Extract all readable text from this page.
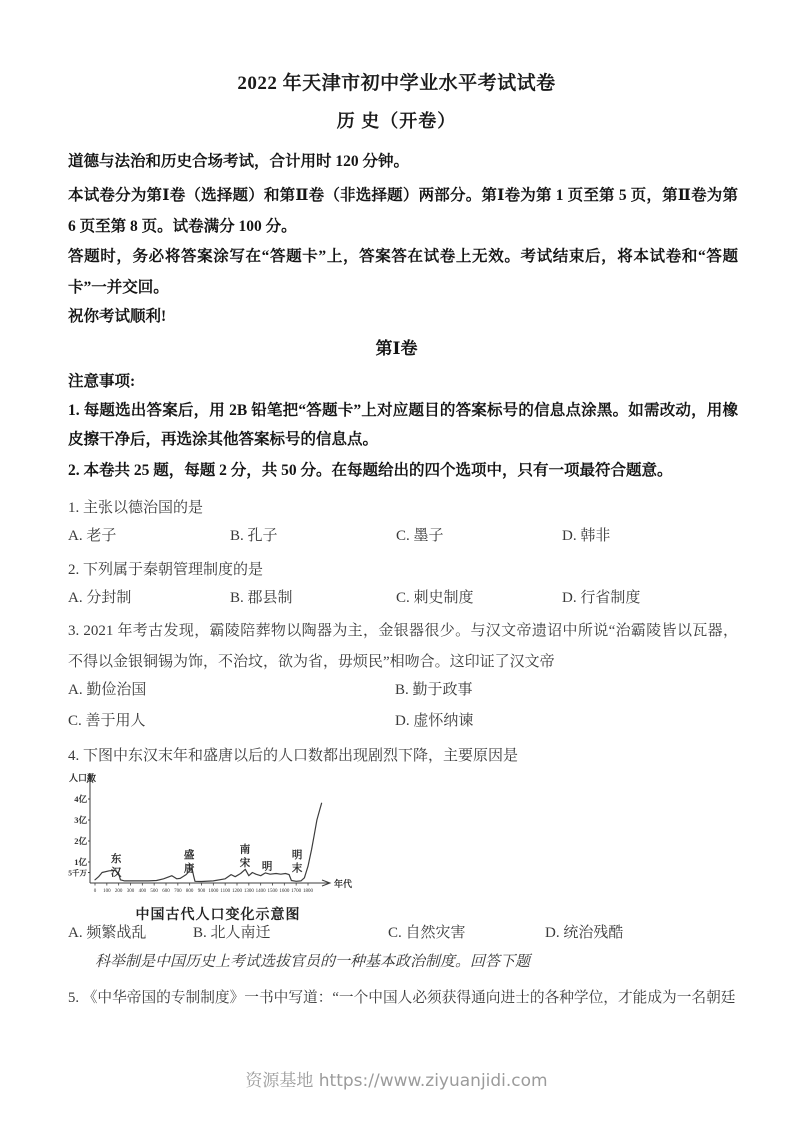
2022 年天津市初中学业水平考试试卷
历 史（开卷）
道德与法治和历史合场考试，合计用时 120 分钟。
本试卷分为第Ⅰ卷（选择题）和第Ⅱ卷（非选择题）两部分。第Ⅰ卷为第 1 页至第 5 页，第Ⅱ卷为第 6 页至第 8 页。试卷满分 100 分。
答题时，务必将答案涂写在“答题卡”上，答案答在试卷上无效。考试结束后，将本试卷和“答题卡”一并交回。
祝你考试顺利!
第Ⅰ卷
注意事项:
1. 每题选出答案后，用 2B 铅笔把“答题卡”上对应题目的答案标号的信息点涂黑。如需改动，用橡皮擦干净后，再选涂其他答案标号的信息点。
2. 本卷共 25 题，每题 2 分，共 50 分。在每题给出的四个选项中，只有一项最符合题意。
1. 主张以德治国的是
A. 老子	B. 孔子	C. 墨子	D. 韩非
2. 下列属于秦朝管理制度的是
A. 分封制	B. 郡县制	C. 刺史制度	D. 行省制度
3. 2021 年考古发现，霸陵陪葬物以陶器为主，金银器很少。与汉文帝遗诏中所说“治霸陵皆以瓦器，不得以金银铜锡为饰，不治坟，欲为省，毋烦民”相吻合。这印证了汉文帝
A. 勤俭治国	B. 勤于政事
C. 善于用人	D. 虚怀纳谏
4. 下图中东汉末年和盛唐以后的人口数都出现剧烈下降，主要原因是
人口数
年代
5千万
1亿
2亿
3亿
4亿
0 100 200 300 400 500 600 700 800 900 1000 1100 1200 1300 1400 1500 1600 1700 1800
东汉
盛唐
南宋 明
明末
中国古代人口变化示意图
A. 频繁战乱	B. 北人南迁	C. 自然灾害	D. 统治残酷
科举制是中国历史上考试选拔官员的一种基本政治制度。回答下题
5. 《中华帝国的专制制度》一书中写道：“一个中国人必须获得通向进士的各种学位，才能成为一名朝廷
资源基地 https://www.ziyuanjidi.com
